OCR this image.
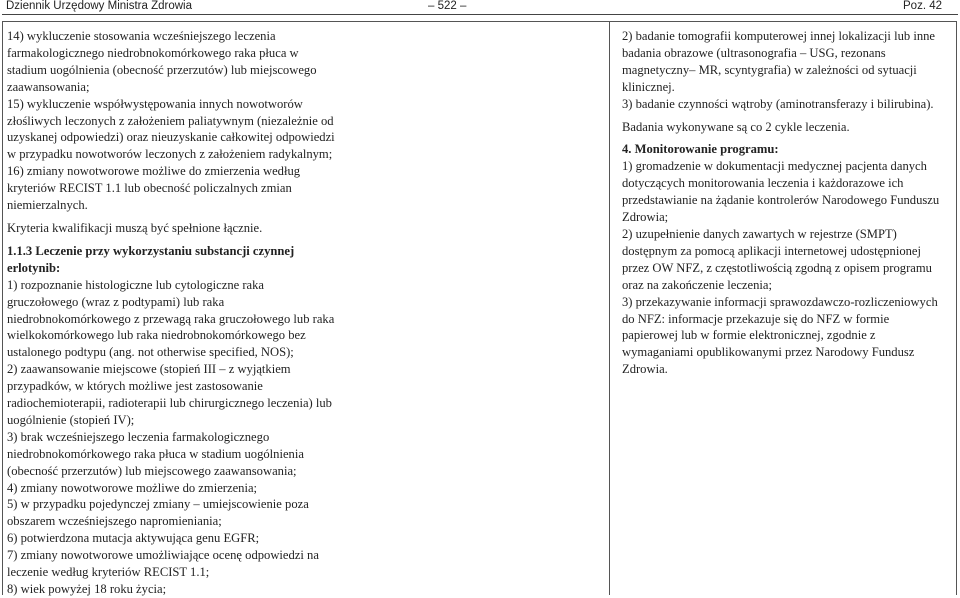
Dziennik Urzędowy Ministra Zdrowia	– 522 –	Poz. 42

14) wykluczenie stosowania wcześniejszego leczenia farmakologicznego niedrobnokomórkowego raka płuca w stadium uogólnienia (obecność przerzutów) lub miejscowego zaawansowania;

15) wykluczenie współwystępowania innych nowotworów złośliwych leczonych z założeniem paliatywnym (niezależnie od uzyskanej odpowiedzi) oraz nieuzyskanie całkowitej odpowiedzi w przypadku nowotworów leczonych z założeniem radykalnym;

16) zmiany nowotworowe możliwe do zmierzenia według kryteriów RECIST 1.1 lub obecność policzalnych zmian niemierzalnych.

Kryteria kwalifikacji muszą być spełnione łącznie.

1.1.3 Leczenie przy wykorzystaniu substancji czynnej erlotynib:

1) rozpoznanie histologiczne lub cytologiczne raka gruczołowego (wraz z podtypami) lub raka niedrobnokomórkowego z przewagą raka gruczołowego lub raka wielkokomórkowego lub raka niedrobnokomórkowego bez ustalonego podtypu (ang. not otherwise specified, NOS);

2) zaawansowanie miejscowe (stopień III – z wyjątkiem przypadków, w których możliwe jest zastosowanie radiochemioterapii, radioterapii lub chirurgicznego leczenia) lub uogólnienie (stopień IV);

3) brak wcześniejszego leczenia farmakologicznego niedrobnokomórkowego raka płuca w stadium uogólnienia (obecność przerzutów) lub miejscowego zaawansowania;

4) zmiany nowotworowe możliwe do zmierzenia;

5) w przypadku pojedynczej zmiany – umiejscowienie poza obszarem wcześniejszego napromieniania;

6) potwierdzona mutacja aktywująca genu EGFR;

7) zmiany nowotworowe umożliwiające ocenę odpowiedzi na leczenie według kryteriów RECIST 1.1;

8) wiek powyżej 18 roku życia;

2) badanie tomografii komputerowej innej lokalizacji lub inne badania obrazowe (ultrasonografia – USG, rezonans magnetyczny– MR, scyntygrafia) w zależności od sytuacji klinicznej.

3) badanie czynności wątroby (aminotransferazy i bilirubina).

Badania wykonywane są co 2 cykle leczenia.

4. Monitorowanie programu:

1) gromadzenie w dokumentacji medycznej pacjenta danych dotyczących monitorowania leczenia i każdorazowe ich przedstawianie na żądanie kontrolerów Narodowego Funduszu Zdrowia;

2) uzupełnienie danych zawartych w rejestrze (SMPT) dostępnym za pomocą aplikacji internetowej udostępnionej przez OW NFZ, z częstotliwością zgodną z opisem programu oraz na zakończenie leczenia;

3) przekazywanie informacji sprawozdawczo-rozliczeniowych do NFZ: informacje przekazuje się do NFZ w formie papierowej lub w formie elektronicznej, zgodnie z wymaganiami opublikowanymi przez Narodowy Fundusz Zdrowia.
